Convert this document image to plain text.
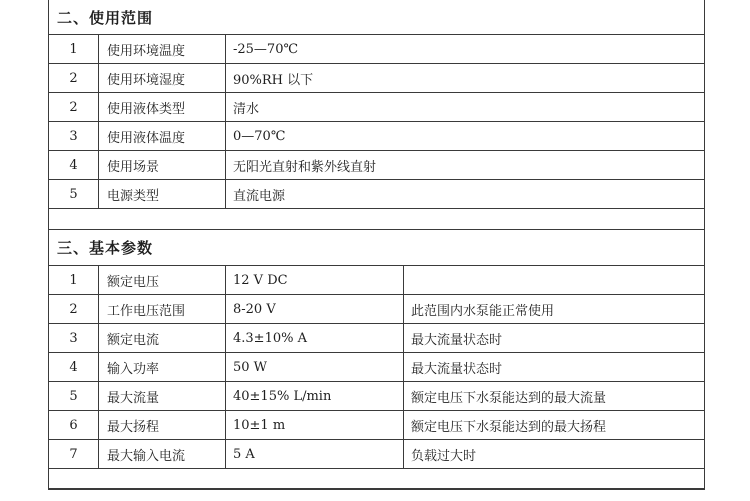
二、使用范围
1	使用环境温度	-25—70℃
2	使用环境湿度	90%RH 以下
2	使用液体类型	清水
3	使用液体温度	0—70℃
4	使用场景	无阳光直射和紫外线直射
5	电源类型	直流电源
三、基本参数
1	额定电压	12 V DC
2	工作电压范围	8-20 V	此范围内水泵能正常使用
3	额定电流	4.3±10% A	最大流量状态时
4	输入功率	50 W	最大流量状态时
5	最大流量	40±15% L/min	额定电压下水泵能达到的最大流量
6	最大扬程	10±1 m	额定电压下水泵能达到的最大扬程
7	最大输入电流	5 A	负载过大时
